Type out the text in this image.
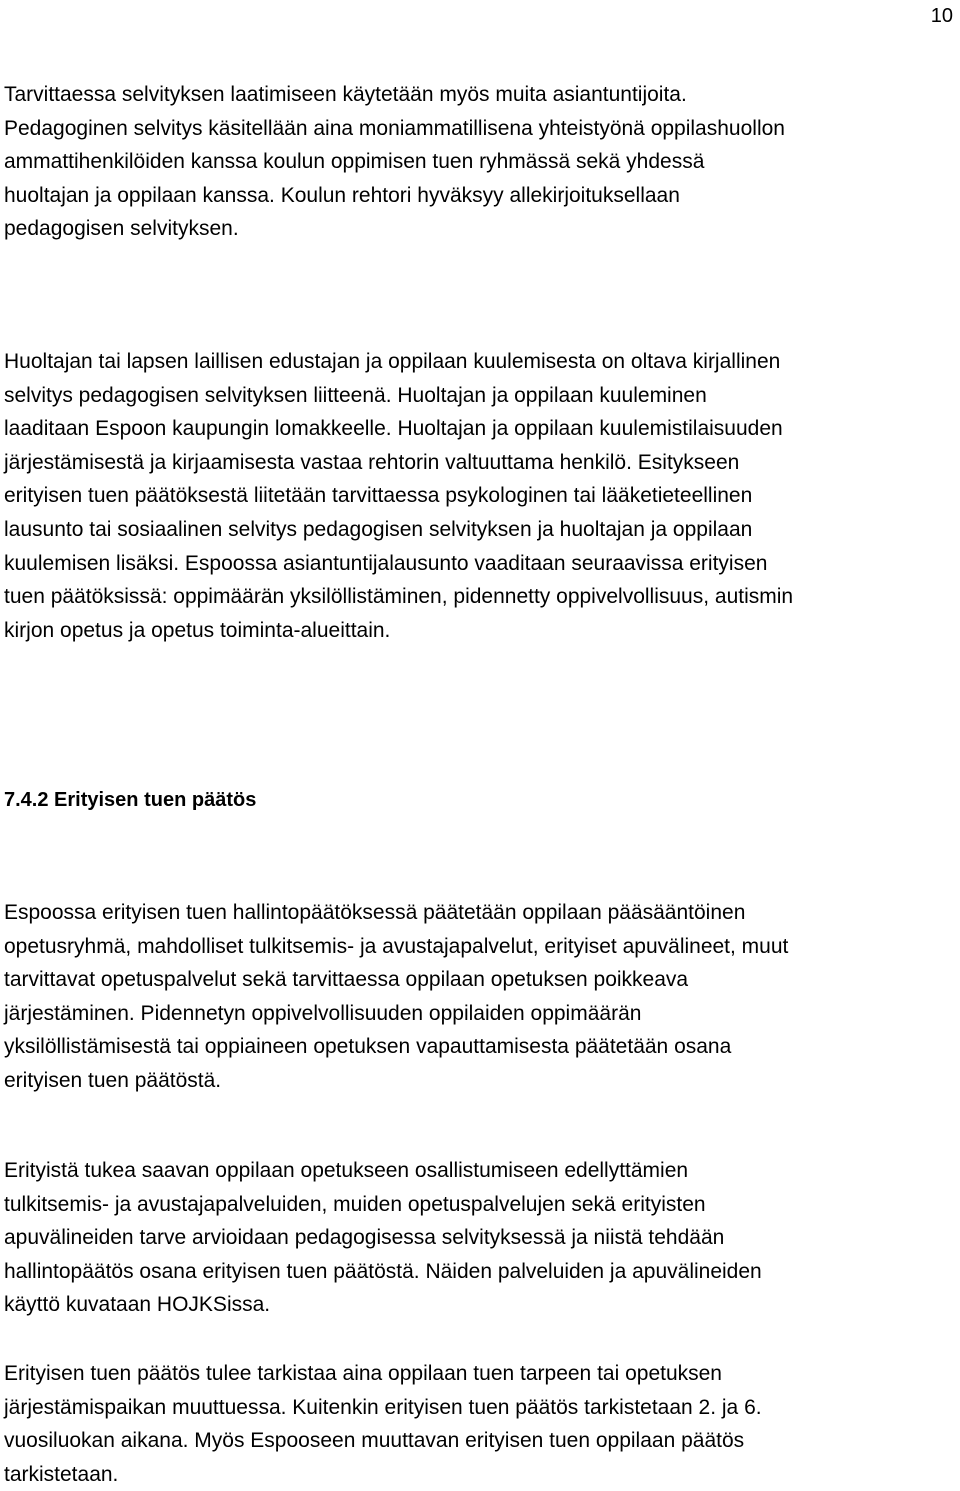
10

Tarvittaessa selvityksen laatimiseen käytetään myös muita asiantuntijoita.
Pedagoginen selvitys käsitellään aina moniammatillisena yhteistyönä oppilashuollon
ammattihenkilöiden kanssa koulun oppimisen tuen ryhmässä sekä yhdessä
huoltajan ja oppilaan kanssa. Koulun rehtori hyväksyy allekirjoituksellaan
pedagogisen selvityksen.

Huoltajan tai lapsen laillisen edustajan ja oppilaan kuulemisesta on oltava kirjallinen
selvitys pedagogisen selvityksen liitteenä. Huoltajan ja oppilaan kuuleminen
laaditaan Espoon kaupungin lomakkeelle. Huoltajan ja oppilaan kuulemistilaisuuden
järjestämisestä ja kirjaamisesta vastaa rehtorin valtuuttama henkilö. Esitykseen
erityisen tuen päätöksestä liitetään tarvittaessa psykologinen tai lääketieteellinen
lausunto tai sosiaalinen selvitys pedagogisen selvityksen ja huoltajan ja oppilaan
kuulemisen lisäksi. Espoossa asiantuntijalausunto vaaditaan seuraavissa erityisen
tuen päätöksissä: oppimäärän yksilöllistäminen, pidennetty oppivelvollisuus, autismin
kirjon opetus ja opetus toiminta-alueittain.

7.4.2 Erityisen tuen päätös

Espoossa erityisen tuen hallintopäätöksessä päätetään oppilaan pääsääntöinen
opetusryhmä, mahdolliset tulkitsemis- ja avustajapalvelut, erityiset apuvälineet, muut
tarvittavat opetuspalvelut sekä tarvittaessa oppilaan opetuksen poikkeava
järjestäminen. Pidennetyn oppivelvollisuuden oppilaiden oppimäärän
yksilöllistämisestä tai oppiaineen opetuksen vapauttamisesta päätetään osana
erityisen tuen päätöstä.

Erityistä tukea saavan oppilaan opetukseen osallistumiseen edellyttämien
tulkitsemis- ja avustajapalveluiden, muiden opetuspalvelujen sekä erityisten
apuvälineiden tarve arvioidaan pedagogisessa selvityksessä ja niistä tehdään
hallintopäätös osana erityisen tuen päätöstä. Näiden palveluiden ja apuvälineiden
käyttö kuvataan HOJKSissa.

Erityisen tuen päätös tulee tarkistaa aina oppilaan tuen tarpeen tai opetuksen
järjestämispaikan muuttuessa. Kuitenkin erityisen tuen päätös tarkistetaan 2. ja 6.
vuosiluokan aikana. Myös Espooseen muuttavan erityisen tuen oppilaan päätös
tarkistetaan.
